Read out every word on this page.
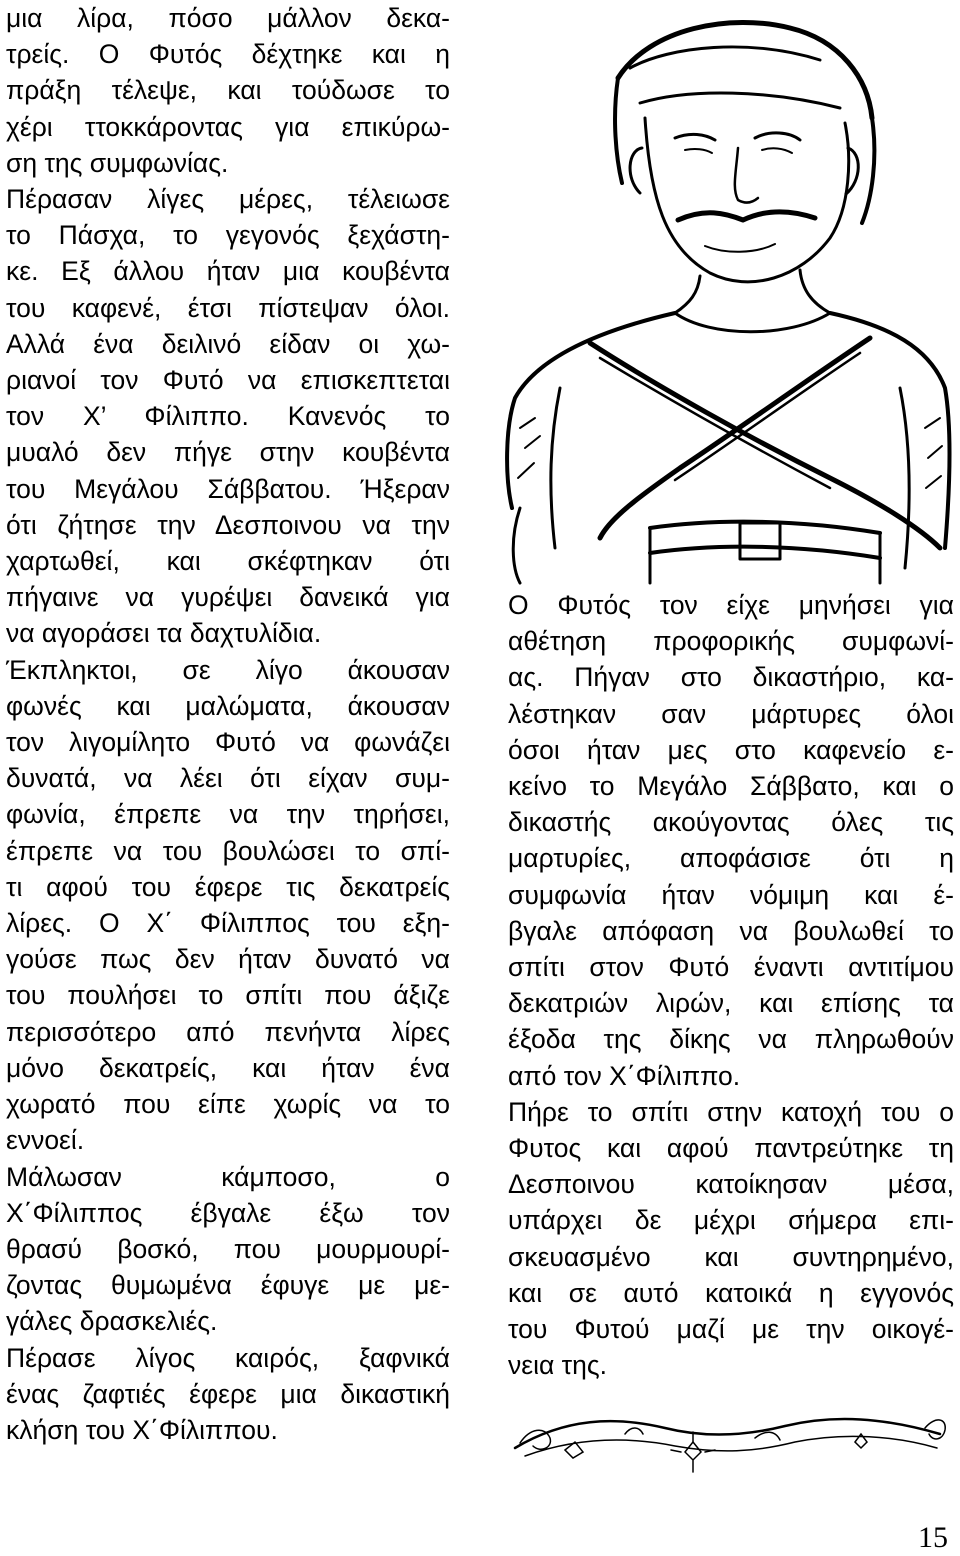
μια λίρα, πόσο μάλλον δεκα-

τρείς. Ο Φυτός δέχτηκε και η

πράξη τέλεψε, και τούδωσε το

χέρι ττοκκάροντας για επικύρω-

ση της συμφωνίας.

Πέρασαν λίγες μέρες, τέλειωσε

το Πάσχα, το γεγονός ξεχάστη-

κε. Εξ άλλου ήταν μια κουβέντα

του καφενέ, έτσι πίστεψαν όλοι.

Αλλά ένα δειλινό είδαν οι χω-

ριανοί τον Φυτό να επισκεπτεται

τον Χ’ Φίλιππο. Κανενός το

μυαλό δεν πήγε στην κουβέντα

του Μεγάλου Σάββατου. Ήξεραν

ότι ζήτησε την Δεσποινου να την

χαρτωθεί, και σκέφτηκαν ότι

πήγαινε να γυρέψει δανεικά για

να αγοράσει τα δαχτυλίδια.

Έκπληκτοι, σε λίγο άκουσαν

φωνές και μαλώματα, άκουσαν

τον λιγομίλητο Φυτό να φωνάζει

δυνατά, να λέει ότι είχαν συμ-

φωνία, έπρεπε να την τηρήσει,

έπρεπε να του βουλώσει το σπί-

τι αφού του έφερε τις δεκατρείς

λίρες. Ο Χ΄ Φίλιππος του εξη-

γούσε πως δεν ήταν δυνατό να

του πουλήσει το σπίτι που άξιζε

περισσότερο από πενήντα λίρες

μόνο δεκατρείς, και ήταν ένα

χωρατό που είπε χωρίς να το

εννοεί.

Μάλωσαν κάμποσο, ο

Χ΄Φίλιππος έβγαλε έξω τον

θρασύ βοσκό, που μουρμουρί-

ζοντας θυμωμένα έφυγε με με-

γάλες δρασκελιές.

Πέρασε λίγος καιρός, ξαφνικά

ένας ζαφτιές έφερε μια δικαστική

κλήση του Χ΄Φίλιππου.

Ο Φυτός τον είχε μηνήσει για

αθέτηση προφορικής συμφωνί-

ας. Πήγαν στο δικαστήριο, κα-

λέστηκαν σαν μάρτυρες όλοι

όσοι ήταν μες στο καφενείο ε-

κείνο το Μεγάλο Σάββατο, και ο

δικαστής ακούγοντας όλες τις

μαρτυρίες, αποφάσισε ότι η

συμφωνία ήταν νόμιμη και έ-

βγαλε απόφαση να βουλωθεί το

σπίτι στον Φυτό έναντι αντιτίμου

δεκατριών λιρών, και επίσης τα

έξοδα της δίκης να πληρωθούν

από τον Χ΄Φίλιππο.

Πήρε το σπίτι στην κατοχή του ο

Φυτος και αφού παντρεύτηκε τη

Δεσποινου κατοίκησαν μέσα,

υπάρχει δε μέχρι σήμερα επι-

σκευασμένο και συντηρημένο,

και σε αυτό κατοικά η εγγονός

του Φυτού μαζί με την οικογέ-

νεια της.

15
